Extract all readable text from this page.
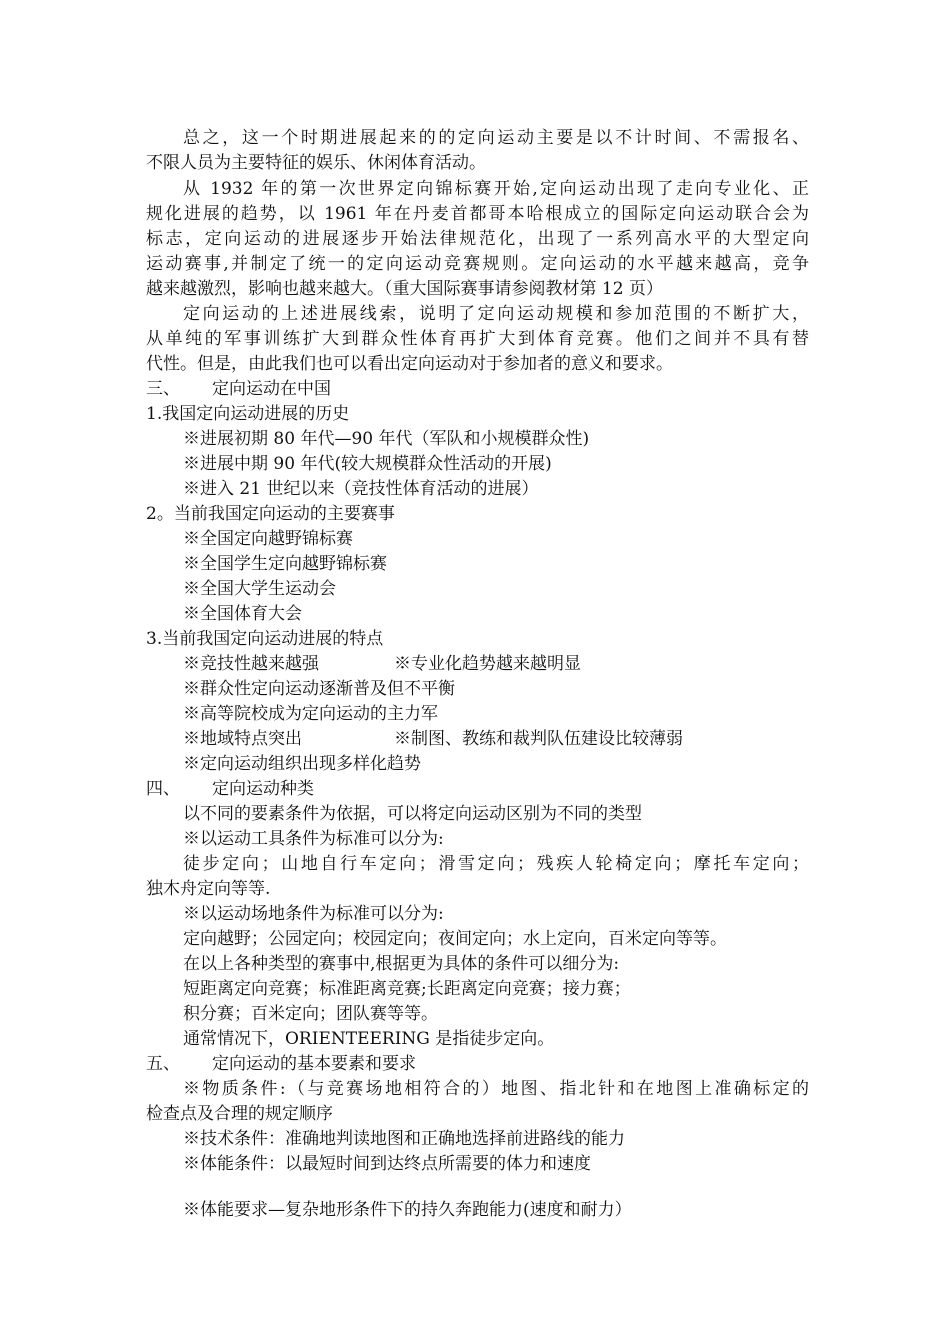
总之，这一个时期进展起来的的定向运动主要是以不计时间、不需报名、
不限人员为主要特征的娱乐、休闲体育活动。
从 1932 年的第一次世界定向锦标赛开始,定向运动出现了走向专业化、正
规化进展的趋势，以 1961 年在丹麦首都哥本哈根成立的国际定向运动联合会为
标志，定向运动的进展逐步开始法律规范化，出现了一系列高水平的大型定向
运动赛事,并制定了统一的定向运动竞赛规则。定向运动的水平越来越高，竞争
越来越激烈，影响也越来越大。（重大国际赛事请参阅教材第 12 页）
定向运动的上述进展线索，说明了定向运动规模和参加范围的不断扩大，
从单纯的军事训练扩大到群众性体育再扩大到体育竞赛。他们之间并不具有替
代性。但是，由此我们也可以看出定向运动对于参加者的意义和要求。
三、 定向运动在中国
1.我国定向运动进展的历史
※进展初期 80 年代—90 年代（军队和小规模群众性)
※进展中期 90 年代(较大规模群众性活动的开展)
※进入 21 世纪以来（竞技性体育活动的进展）
2。当前我国定向运动的主要赛事
※全国定向越野锦标赛
※全国学生定向越野锦标赛
※全国大学生运动会
※全国体育大会
3.当前我国定向运动进展的特点
※竞技性越来越强	※专业化趋势越来越明显
※群众性定向运动逐渐普及但不平衡
※高等院校成为定向运动的主力军
※地域特点突出	※制图、教练和裁判队伍建设比较薄弱
※定向运动组织出现多样化趋势
四、 定向运动种类
以不同的要素条件为依据，可以将定向运动区别为不同的类型
※以运动工具条件为标准可以分为:
徒步定向；山地自行车定向；滑雪定向；残疾人轮椅定向；摩托车定向；
独木舟定向等等.
※以运动场地条件为标准可以分为:
定向越野；公园定向；校园定向；夜间定向；水上定向，百米定向等等。
在以上各种类型的赛事中,根据更为具体的条件可以细分为:
短距离定向竞赛；标准距离竞赛;长距离定向竞赛；接力赛；
积分赛；百米定向；团队赛等等。
通常情况下，ORIENTEERING 是指徒步定向。
五、 定向运动的基本要素和要求
※物质条件:（与竞赛场地相符合的）地图、指北针和在地图上准确标定的
检查点及合理的规定顺序
※技术条件：准确地判读地图和正确地选择前进路线的能力
※体能条件：以最短时间到达终点所需要的体力和速度
※体能要求—复杂地形条件下的持久奔跑能力(速度和耐力）
